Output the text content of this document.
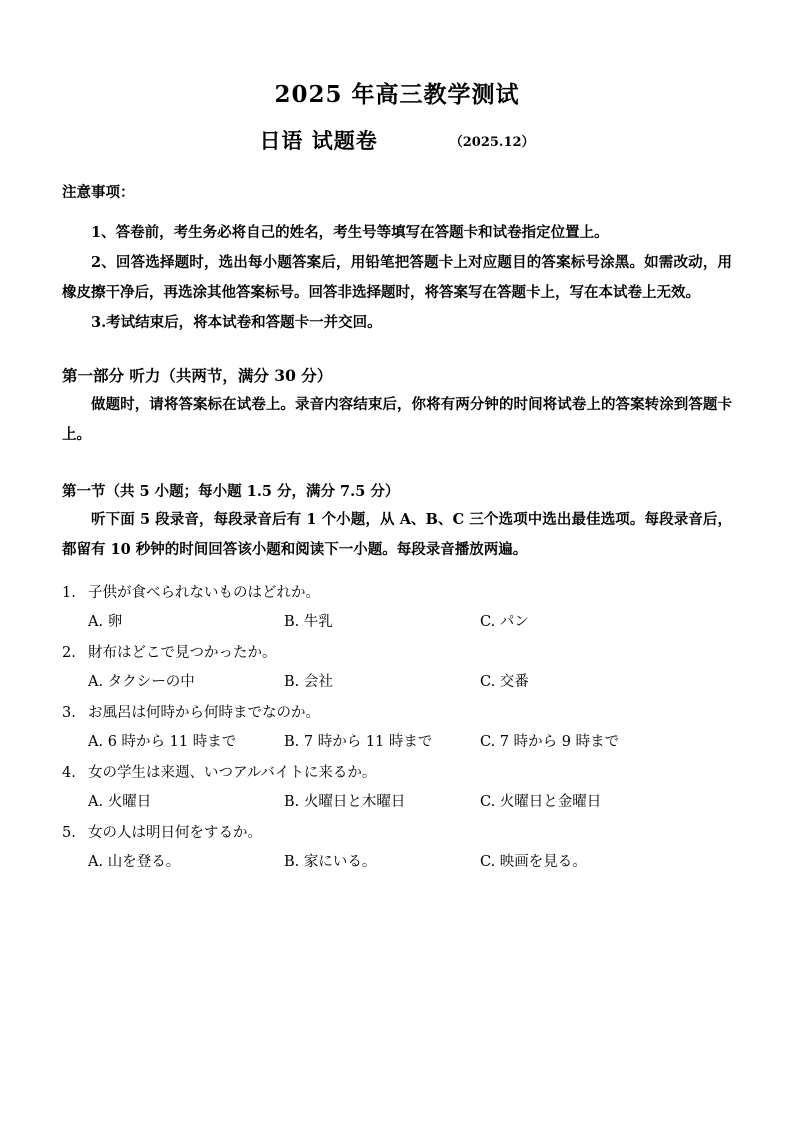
2025 年高三教学测试
日语 试题卷	（2025.12）
注意事项：
1、答卷前，考生务必将自己的姓名，考生号等填写在答题卡和试卷指定位置上。
2、回答选择题时，选出每小题答案后，用铅笔把答题卡上对应题目的答案标号涂黑。如需改动，用橡皮擦干净后，再选涂其他答案标号。回答非选择题时，将答案写在答题卡上，写在本试卷上无效。
3.考试结束后，将本试卷和答题卡一并交回。
第一部分 听力（共两节，满分 30 分）
做题时，请将答案标在试卷上。录音内容结束后，你将有两分钟的时间将试卷上的答案转涂到答题卡上。
第一节（共 5 小题；每小题 1.5 分，满分 7.5 分）
听下面 5 段录音，每段录音后有 1 个小题，从 A、B、C 三个选项中选出最佳选项。每段录音后，都留有 10 秒钟的时间回答该小题和阅读下一小题。每段录音播放两遍。
1. 子供が食べられないものはどれか。
A. 卵	B. 牛乳	C. パン
2. 財布はどこで見つかったか。
A. タクシーの中	B. 会社	C. 交番
3. お風呂は何時から何時までなのか。
A. 6 時から 11 時まで	B. 7 時から 11 時まで	C. 7 時から 9 時まで
4. 女の学生は来週、いつアルバイトに来るか。
A. 火曜日	B. 火曜日と木曜日	C. 火曜日と金曜日
5. 女の人は明日何をするか。
A. 山を登る。	B. 家にいる。	C. 映画を見る。
